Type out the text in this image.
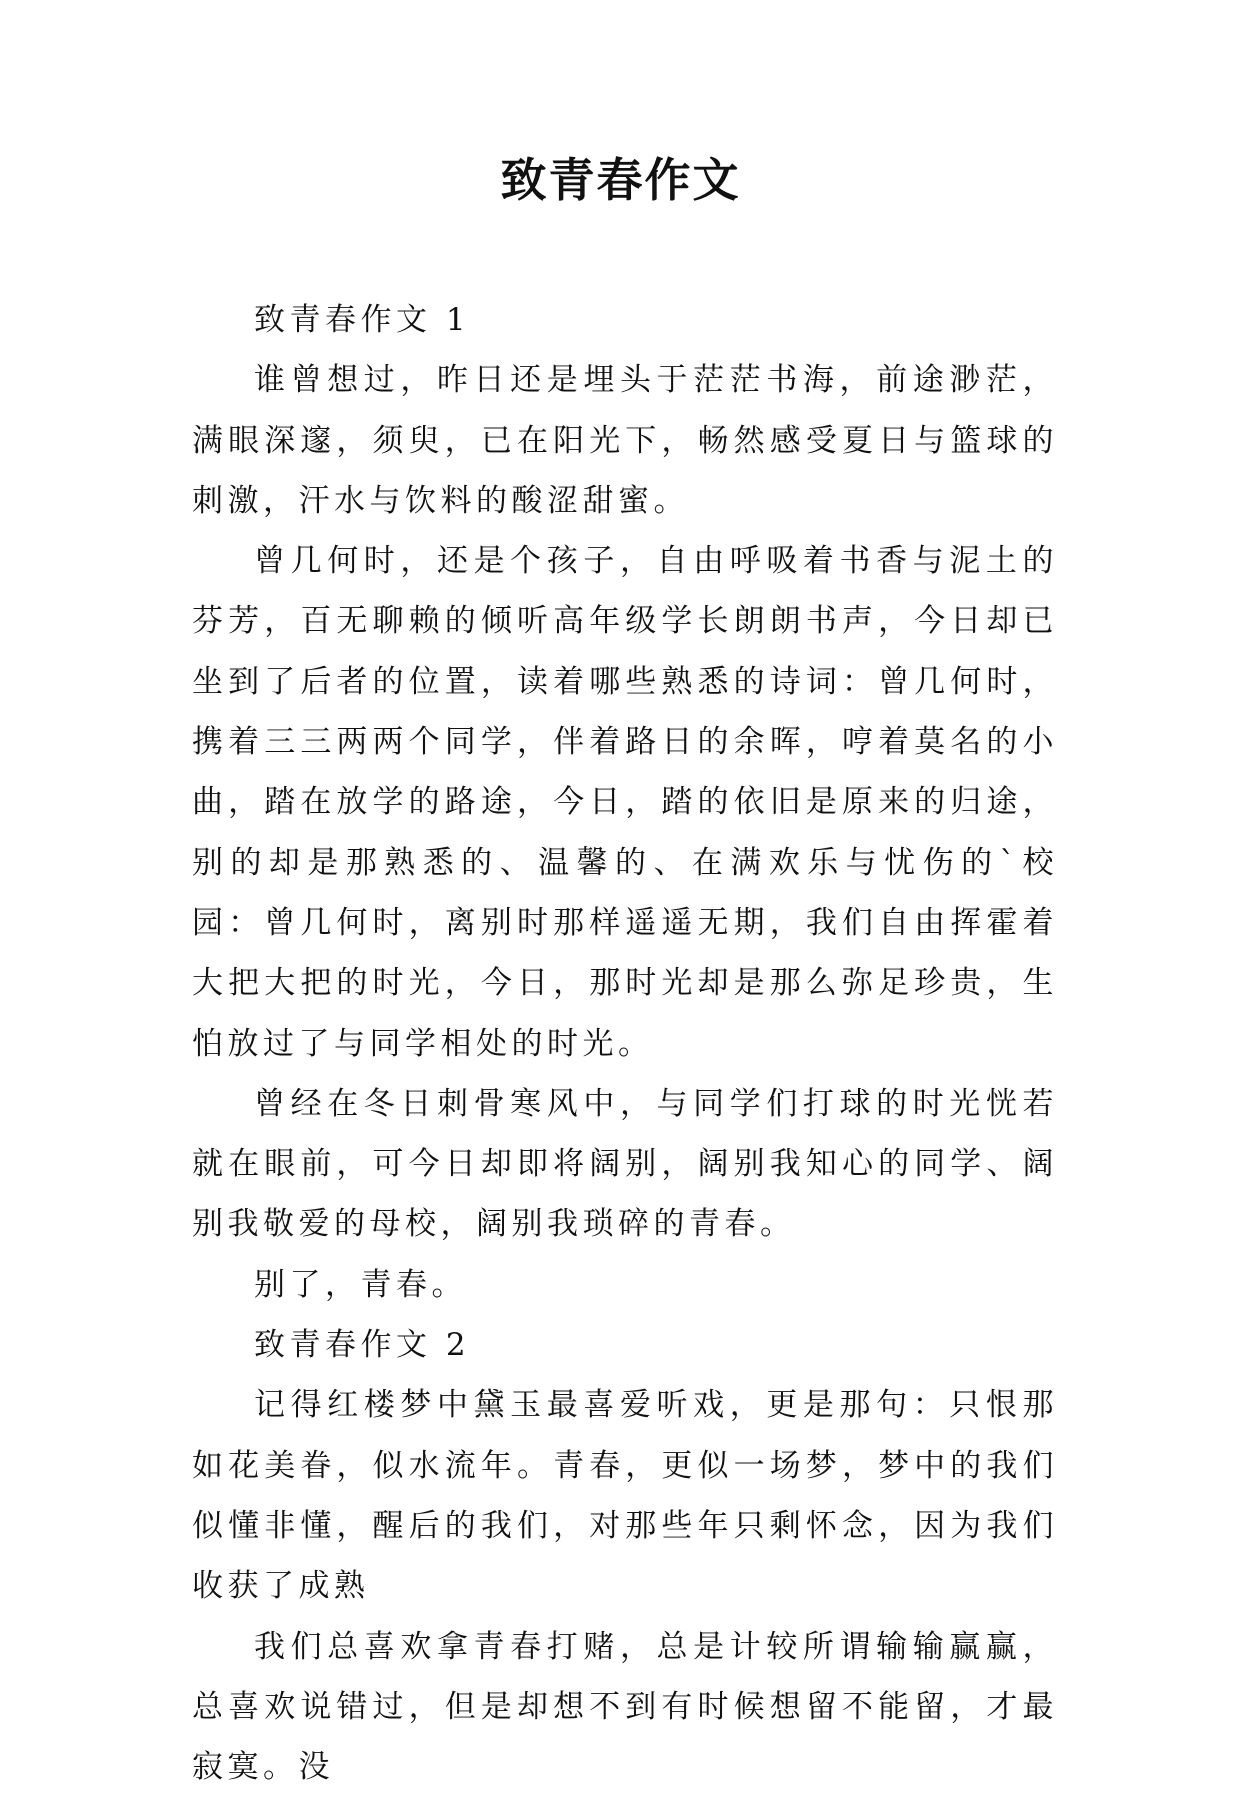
致青春作文

致青春作文 1

谁曾想过，昨日还是埋头于茫茫书海，前途渺茫，满眼深邃，须臾，已在阳光下，畅然感受夏日与篮球的刺激，汗水与饮料的酸涩甜蜜。

曾几何时，还是个孩子，自由呼吸着书香与泥土的芬芳，百无聊赖的倾听高年级学长朗朗书声，今日却已坐到了后者的位置，读着哪些熟悉的诗词：曾几何时，携着三三两两个同学，伴着路日的余晖，哼着莫名的小曲，踏在放学的路途，今日，踏的依旧是原来的归途，别的却是那熟悉的、温馨的、在满欢乐与忧伤的`校园：曾几何时，离别时那样遥遥无期，我们自由挥霍着大把大把的时光，今日，那时光却是那么弥足珍贵，生怕放过了与同学相处的时光。

曾经在冬日刺骨寒风中，与同学们打球的时光恍若就在眼前，可今日却即将阔别，阔别我知心的同学、阔别我敬爱的母校，阔别我琐碎的青春。

别了，青春。

致青春作文 2

记得红楼梦中黛玉最喜爱听戏，更是那句：只恨那如花美眷，似水流年。青春，更似一场梦，梦中的我们似懂非懂，醒后的我们，对那些年只剩怀念，因为我们收获了成熟

我们总喜欢拿青春打赌，总是计较所谓输输赢赢，总喜欢说错过，但是却想不到有时候想留不能留，才最寂寞。没
